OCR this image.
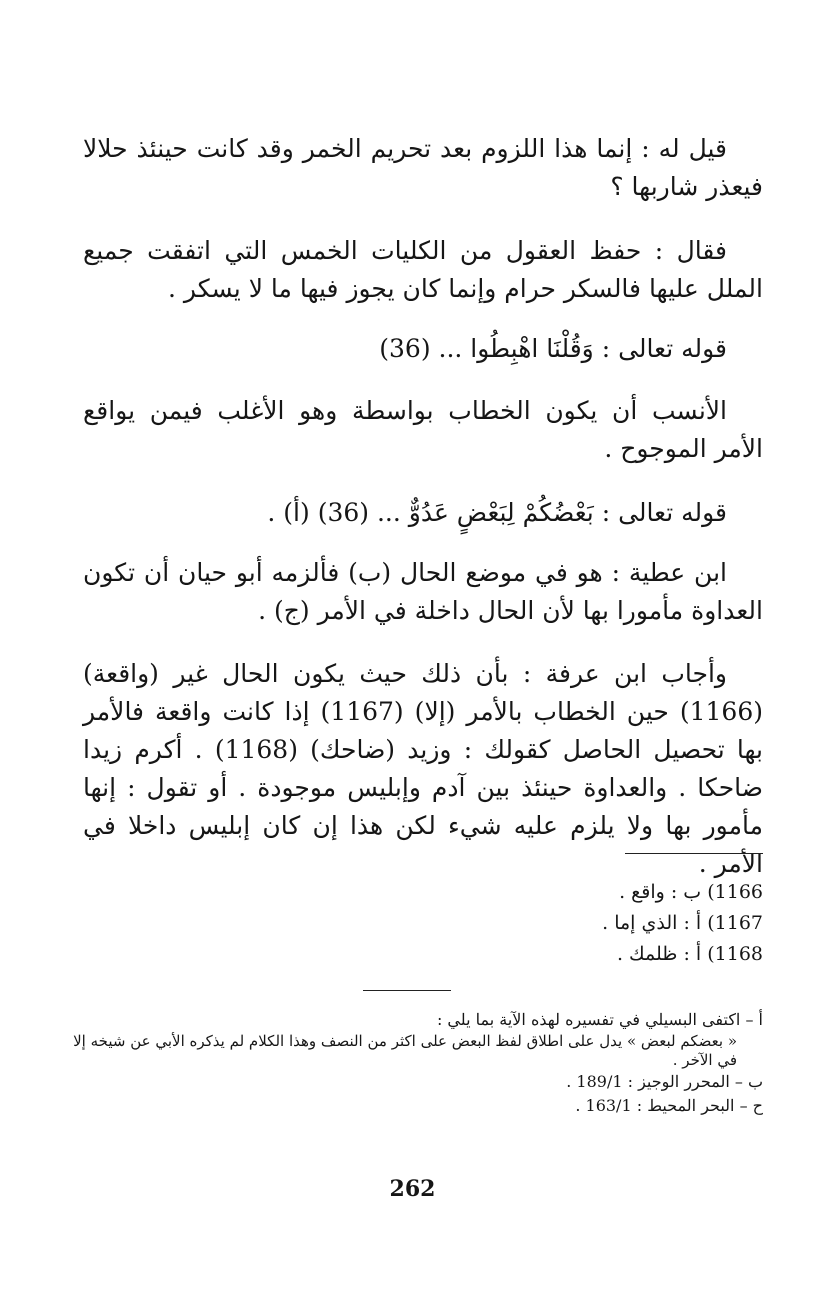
قيل له : إنما هذا اللزوم بعد تحريم الخمر وقد كانت حينئذ حلالا فيعذر شاربها ؟

فقال : حفظ العقول من الكليات الخمس التي اتفقت جميع الملل عليها فالسكر حرام وإنما كان يجوز فيها ما لا يسكر .

قوله تعالى : وَقُلْنَا اهْبِطُوا ... (36)

الأنسب أن يكون الخطاب بواسطة وهو الأغلب فيمن يواقع الأمر الموجوح .

قوله تعالى : بَعْضُكُمْ لِبَعْضٍ عَدُوٌّ ... (36) (أ) .

ابن عطية : هو في موضع الحال (ب) فألزمه أبو حيان أن تكون العداوة مأمورا بها لأن الحال داخلة في الأمر (ج) .

وأجاب ابن عرفة : بأن ذلك حيث يكون الحال غير (واقعة) (1166) حين الخطاب بالأمر (إلا) (1167) إذا كانت واقعة فالأمر بها تحصيل الحاصل كقولك : وزيد (ضاحك) (1168) . أكرم زيدا ضاحكا . والعداوة حينئذ بين آدم وإبليس موجودة . أو تقول : إنها مأمور بها ولا يلزم عليه شيء لكن هذا إن كان إبليس داخلا في الأمر .

1166) ب : واقع .
1167) أ : الذي إما .
1168) أ : ظلمك .
أ – اكتفى البسيلي في تفسيره لهذه الآية بما يلي :
« بعضكم لبعض » يدل على اطلاق لفظ البعض على اكثر من النصف وهذا الكلام لم يذكره الأبي عن شيخه إلا في الآخر .
ب – المحرر الوجيز : 189/1 .
ح – البحر المحيط : 163/1 .
262
